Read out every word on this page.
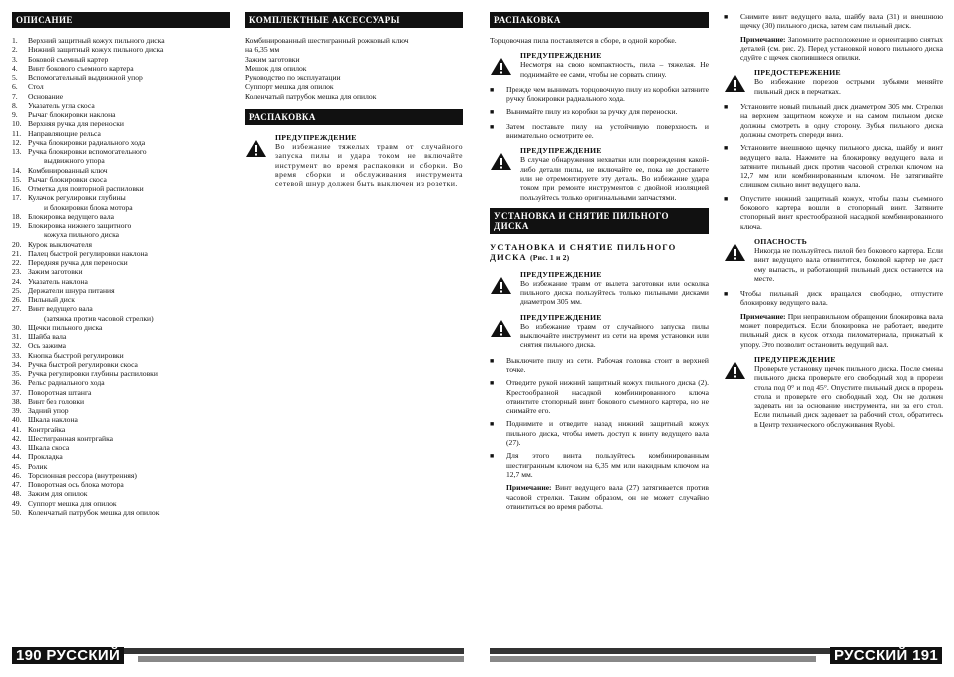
ОПИСАНИЕ
1.	Верхний защитный кожух пильного диска
2.	Нижний защитный кожух пильного диска
3.	Боковой съемный картер
4.	Винт бокового съемного картера
5.	Вспомогательный выдвижной упор
6.	Стол
7.	Основание
8.	Указатель угла скоса
9.	Рычаг блокировки наклона
10. Верхняя ручка для переноски
11. Направляющие рельса
12. Ручка блокировки радиального хода
13. Ручка блокировки вспомогательного
выдвижного упора
14. Комбинированный ключ
15. Рычаг блокировки скоса
16. Отметка для повторной распиловки
17. Кулачок регулировки глубины
и блокировки блока мотора
18. Блокировка ведущего вала
19. Блокировка нижнего защитного
кожуха пильного диска
20. Курок выключателя
21. Палец быстрой регулировки наклона
22. Передняя ручка для переноски
23. Зажим заготовки
24. Указатель наклона
25. Держатели шнура питания
26. Пильный диск
27. Винт ведущего вала
(затяжка против часовой стрелки)
30. Щечки пильного диска
31. Шайба вала
32. Ось зажима
33. Кнопка быстрой регулировки
34. Ручка быстрой регулировки скоса
35. Ручка регулировки глубины распиловки
36. Рельс радиального хода
37. Поворотная штанга
38. Винт без головки
39. Задний упор
40. Шкала наклона
41. Контргайка
42. Шестигранная контргайка
43. Шкала скоса
44. Прокладка
45. Ролик
46. Торсионная рессора (внутренняя)
47. Поворотная ось блока мотора
48. Зажим для опилок
49. Суппорт мешка для опилок
50. Коленчатый патрубок мешка для опилок
КОМПЛЕКТНЫЕ АКСЕССУАРЫ

Комбинированный шестигранный рожковый ключ

на 6,35 мм

Зажим заготовки

Мешок для опилок

Руководство по эксплуатации

Суппорт мешка для опилок

Коленчатый патрубок мешка для опилок

РАСПАКОВКА
ПРЕДУПРЕЖДЕНИЕ
Во избежание тяжелых травм от случайного запуска пилы и удара током не включайте инструмент во время распаковки и сборки. Во время сборки и обслуживания инструмента сетевой шнур должен быть выключен из розетки.
РАСПАКОВКА

Торцовочная пила поставляется в сборе, в одной коробке.

ПРЕДУПРЕЖДЕНИЕ
Несмотря на свою компактность, пила – тяжелая. Не поднимайте ее сами, чтобы не сорвать спину.
■	Прежде чем вынимать торцовочную пилу из коробки затяните ручку блокировки радиального хода.
■	Вынимайте пилу из коробки за ручку для переноски.
■	Затем поставьте пилу на устойчивую поверхность и внимательно осмотрите ее.
ПРЕДУПРЕЖДЕНИЕ
В случае обнаружения нехватки или повреждения какой-либо детали пилы, не включайте ее, пока не достанете или не отремонтируете эту деталь. Во избежание удара током при ремонте инструментов с двойной изоляцией пользуйтесь только оригинальными запчастями.
УСТАНОВКА И СНЯТИЕ ПИЛЬНОГО ДИСКА
УСТАНОВКА И СНЯТИЕ ПИЛЬНОГО ДИСКА (Рис. 1 и 2)
ПРЕДУПРЕЖДЕНИЕ
Во избежание травм от вылета заготовки или осколка пильного диска пользуйтесь только пильными дисками диаметром 305 мм.
ПРЕДУПРЕЖДЕНИЕ
Во избежание травм от случайного запуска пилы выключайте инструмент из сети на время установки или снятия пильного диска.
■	Выключите пилу из сети. Рабочая головка стоит в верхней точке.
■	Отведите рукой нижний защитный кожух пильного диска (2). Крестообразной насадкой комбинированного ключа отвинтите стопорный винт бокового съемного картера, но не снимайте его.
■	Поднимите и отведите назад нижний защитный кожух пильного диска, чтобы иметь доступ к винту ведущего вала (27).
■	Для этого винта пользуйтесь комбинированным шестигранным ключом на 6,35 мм или накидным ключом на 12,7 мм.
Примечание: Винт ведущего вала (27) затягивается против часовой стрелки. Таким образом, он не может случайно отвинтиться во время работы.
■	Снимите винт ведущего вала, шайбу вала (31) и внешнюю щечку (30) пильного диска, затем сам пильный диск.
Примечание: Запомните расположение и ориентацию снятых деталей (см. рис. 2). Перед установкой нового пильного диска сдуйте с щечек скопившиеся опилки.
ПРЕДОСТЕРЕЖЕНИЕ
Во избежание порезов острыми зубьями меняйте пильный диск в перчатках.
■	Установите новый пильный диск диаметром 305 мм. Стрелки на верхнем защитном кожухе и на самом пильном диске должны смотреть в одну сторону. Зубья пильного диска должны смотреть спереди вниз.
■	Установите внешнюю щечку пильного диска, шайбу и винт ведущего вала. Нажмите на блокировку ведущего вала и затяните пильный диск против часовой стрелки ключом на 12,7 мм или комбинированным ключом. Не затягивайте слишком сильно винт ведущего вала.
■	Опустите нижний защитный кожух, чтобы пазы съемного бокового картера вошли в стопорный винт. Затяните стопорный винт крестообразной насадкой комбинированного ключа.
ОПАСНОСТЬ
Никогда не пользуйтесь пилой без бокового картера. Если винт ведущего вала отвинтится, боковой картер не даст ему выпасть, и работающий пильный диск останется на месте.
■	Чтобы пильный диск вращался свободно, отпустите блокировку ведущего вала.
Примечание: При неправильном обращении блокировка вала может повредиться. Если блокировка не работает, введите пильный диск в кусок отхода пиломатериала, прижатый к упору. Это позволит остановить ведущий вал.
ПРЕДУПРЕЖДЕНИЕ
Проверьте установку щечек пильного диска. После смены пильного диска проверьте его свободный ход в прорези стола под 0° и под 45°. Опустите пильный диск в прорезь стола и проверьте его свободный ход. Он не должен задевать ни за основание инструмента, ни за его стол. Если пильный диск задевает за рабочий стол, обратитесь в Центр технического обслуживания Ryobi.
190 РУССКИЙ	РУССКИЙ 191
